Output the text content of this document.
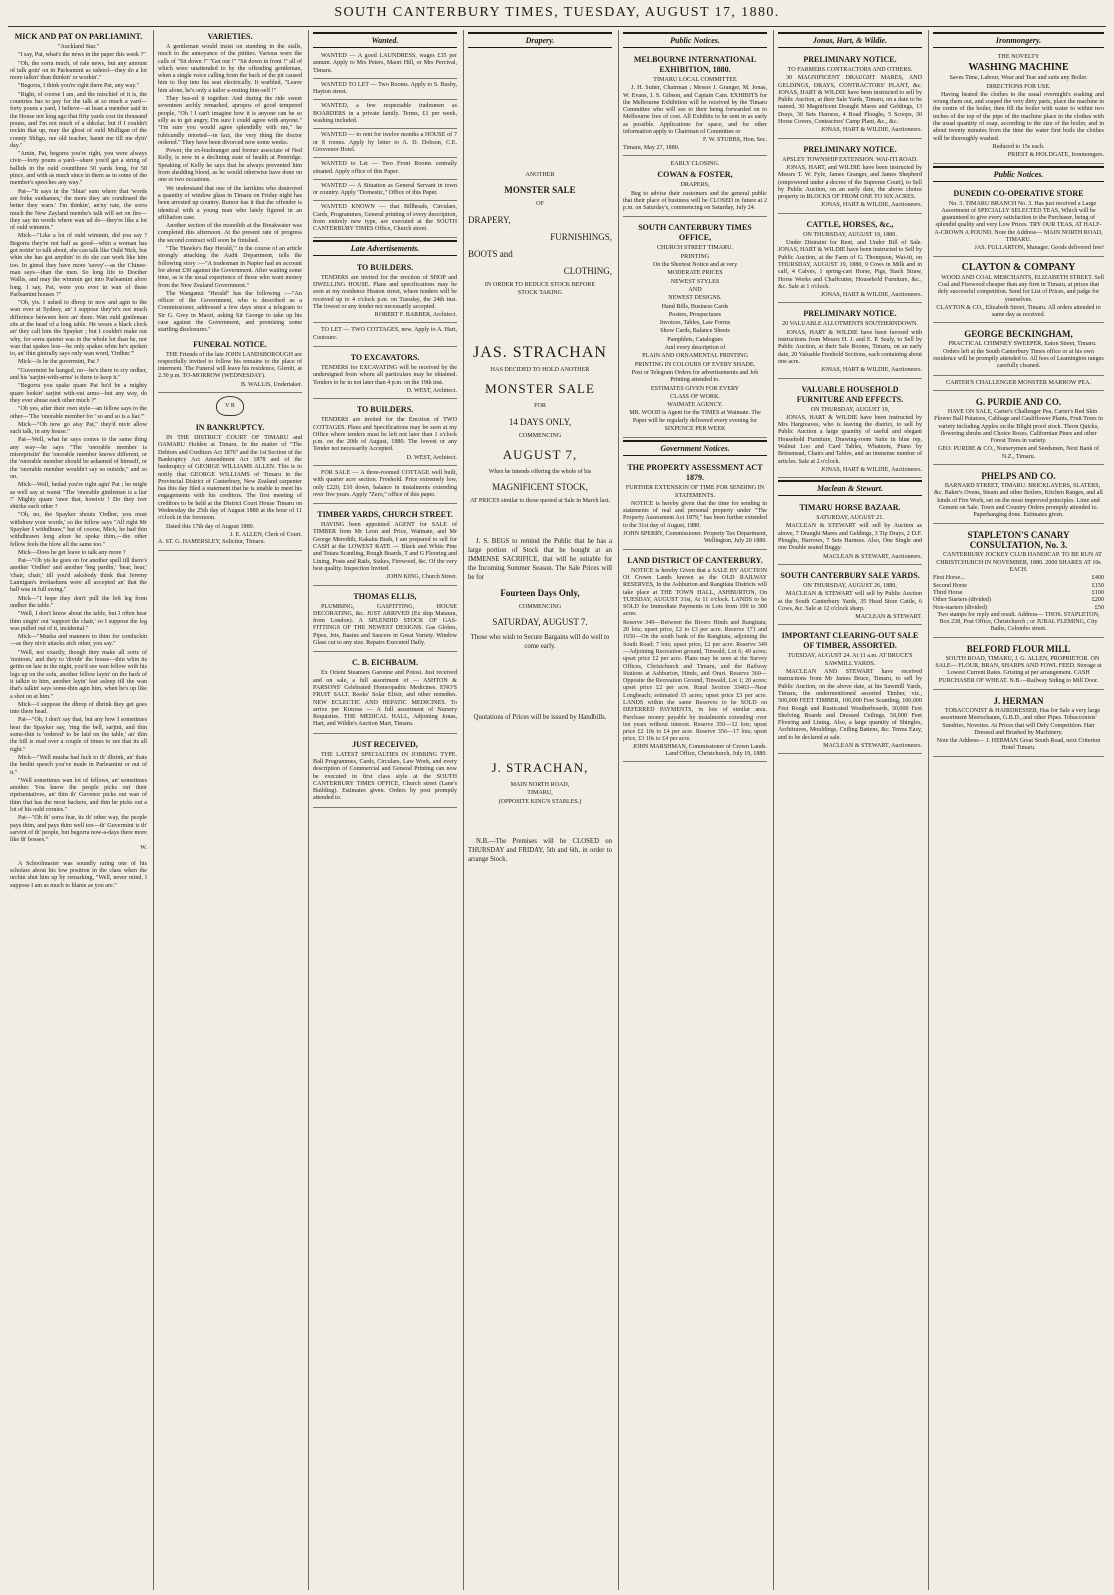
SOUTH CANTERBURY TIMES, TUESDAY, AUGUST 17, 1880.
MICK AND PAT ON PARLIAMINT.
"Auckland Star."
"I say, Pat, what's the news in the paper this week ?"
"Oh, the sorra much, of rale news, but any amount of talk goin' on in Parleamint as ushool—they do a lot more talkin' than thinkin' or workin'."
"Begorra, I think you're right there Pat, any way."
"Right, of coorse I am, and the mischief of it is, the countries has to pay for the talk at so much a yard—forty pouns a yard, I believe—at least a member said in the House not long ago that fifty yards cost tin thousand pouns, and I'm not much of a shkolar, but if I couldn't reckin that up, may the ghost of ould Mulligan of the county Shligo, me old teacher, haunt me till me dyin' day."
"Amin, Pat, begorra you're right, you were always civir—forty pouns a yard—shure you'd get a string of ballids in the ould countthree 50 yards long, for 50 pince, and with as much since in them as in some of the member's speeches any way."
Pat—"It says in the 'Shtar' sum where that 'words are foike sunbames,' the more they are condinsed the better they warn.' I'm thinkin', an'ny rate, the sorra much the New Zayland membe's talk will set on fire—they say tin words where wan ud do—they're like a lot of ould wimmin."
Mick—"Like a lot of ould wimmin, did you say ? Begorra they're not half as good—whin a woman has got notiin' to talk about, she can talk like Ould Nick, but whin she has got anythin' to do she can work like him too. In ginral they have more 'savey'—as the Chinee-man says—than the men. So long life to Docther Wallis, and may the wimmin get into Parleamint afore long. I say, Pat, were you ever in wan of these Parleamint houses ?"
"Oh, yis. I ushed to dhrop in now and agin to the wan over at Sydney, an' I suppose they're's not much differince between here an' there. Wan ould gintleman sits at the head of a long table. He wears a black clock an' they call him the Spayker ; but I couldn't make out why, for sorra quieter was in the whole lot than he, nor wan that spakes less—he only spakes whin he's spoken to, an' thin ginirally says only wan word, 'Ordher.'"
Mick—Is he the guvermint, Pat ?
"Guvermint be hanged, no—he's there to cry ordher, and his 'sarjint-with-arms' is there to keep it."
"Begorra you spake quare Pat he'd be a mighty quare lookin' sarjint with-out arms—but any way, do they ever abuse each other much ?"
"Oh yes, after their own style—an fellow says to the other—'The 'onorable member for ' so and so is a liar.'"
Mick—"Oh now go aisy Pat," they'd nivir allow such talk, in any house."
Pat—Well, what he says comes to the same thing any way—he says "The 'onorable member is misrepristin' the 'onorable member knows different, or the 'onorable member should be ashamed of himself, or the 'onorable member wouldn't say so outside," and so on.
Mick—Well, bedad you're right agin' Pat ; he might as well say at wanst "The 'onorable gintleman is a liar !" Mighty quare 'onor that, howivir ! Do they iver shtrike each other ?
"Oh, no, the Spayker shouts 'Ordher, you must withdraw your words,' so the fellow says "All right Mr Spayker I withdhraw," but of coorse, Mick, he had thin withdhrawn long afore he spoke thim,—the other fellow feels the blow all the same too."
Mick—Does he get leave to talk any more ?
Pat—"Oh yis he goes on for another spell till there's another 'Ordher' and another 'beg pardin,' 'hear, hear,' 'chair, chair,' till you'd asksbody think that Jeremy Lannigan's invitashuns were all accepted an' that the hall was in full swing."
Mick—"I hope they don't pull the left leg from undher the table."
"Well, I don't know about the table, but I often hear thim singin' out 'support the chair,' so I suppose the leg was pulled out of it, incidental."
Mick—"Musha and manners to thim for conduckin—as they nivir attacks aich other, you say."
"Well, not exactly, though they make all sorts of 'motions,' and they to 'divide' the house—thin whin its gettin on late in the night, you'd see wan fellow with his legs up on the sofa, another fellow layin' on the back of it talkin to him, another layin' fast asleep till the wan that's talkin' says some-thin agin him, when he's up like a shot on at him."
Mick—I suppose the dhrop of dhrink they get goes into there head.
Pat—"Oh, I don't say that, but any how I sometimes hear the Spayker say, 'ring the bell, sarjint, and thin some-thin is 'ordered' to be laid on the table,' an' thin the bill is read over a couple of times to see that its all right."
Mick—"Well musha bad luck to th' dhrink, an' thats the beshit speech you've made in Parleamint or out of it."
"Well sometimes wan lot of fellows, an' sometimes another. You know the people picks out their riprisentatives, an' thin th' Guvenor picks out wan of thim that has the most backers, and thin he picks out a lot of his ould cronies."
Pat—"Oh th' sorra fear, its th' other way, the people pays thim, and pays thim well too—th' Guvermint is th' sarvint of th' people, but begorra now-a-days there more like th' bosses."
W.
A Schoolmaster was soundly rating one of his scholars about his low position in the class when the urchin shut him up by remarking, "Well, never mind, I suppose I am as much to blame as you are."
VARIETIES.
A gentleman would insist on standing in the stalls, much to the annoyance of the pittites. Various were the calls of "Sit down !" "Get out !" "Sit down in front !" all of which were unattended to by the offending gentleman, when a single voice calling from the back of the pit caused him to flop into his seat electrically. It warbled, "Leave him alone, he's only a tailor a-resting him-self !"
They bus-ed it together. And during the ride sweet seventeen archly remarked, apropos of good tempered people, "Oh ! I can't imagine how it is anyone can be so silly as to get angry, I'm sure I could agree with anyone." "I'm sure you would agree splendidly with me," he rubicundly retorted—in fact, the very thing the doctor ordered." They have been divorced now some weeks.
Power, the ex-bushranger and former associate of Ned Kelly, is now in a declining state of health at Pentridge. Speaking of Kelly he says that he always prevented him from shedding blood, as he would otherwise have done on one or two occasions.
We understand that one of the larrikins who destroyed a quantity of window glass in Timaru on Friday night has been arrested up country. Rumor has it that the offender is identical with a young man who lately figured in an affiliation case.
Another section of the monolith at the Breakwater was completed this afternoon. At the present rate of progress the second contract will soon be finished.
"The 'Hawke's Bay Herald,'" in the course of an article strongly attacking the Audit Department, tells the following story :—"A tradesman in Napier had an account for about £30 against the Government. After waiting some time, as is the usual experience of those who want money from the New Zealand Government."
The Wanganui "Herald" has the following :—"An officer of the Government, who is described as a Commissioner, addressed a few days since a telegram to Sir G. Grey in Maori, asking Sir George to take up his case against the Government, and promising some startling disclosures."
FUNERAL NOTICE.
THE Friends of the late JOHN LANDSBOROUGH are respectfully invited to follow his remains to the place of interment. The Funeral will leave his residence, Gleniti, at 2.30 p.m. TO-MORROW (WEDNESDAY).
B. WALLIS, Undertaker.
V R
IN BANKRUPTCY.
IN THE DISTRICT COURT OF TIMARU and OAMARU Holden at Timaru. In the matter of "The Debtors and Creditors Act 1876" and the 1st Section of the Bankruptcy Act Amendment Act 1878 and of the bankruptcy of GEORGE WILLIAMS ALLEN. This is to notify that GEORGE WILLIAMS of Timaru in the Provincial District of Canterbury, New Zealand carpenter has this day filed a statement that he is unable to meet his engagements with his creditors. The first meeting of creditors to be held at the District Court House Timaru on Wednesday the 25th day of August 1880 at the hour of 11 o'clock in the forenoon.
Dated this 17th day of August 1880.
J. E. ALLEN, Clerk of Court.
A. ST. G. HAMERSLEY, Solicitor, Timaru.
Wanted.
WANTED — A good LAUNDRESS, wages £35 per annum. Apply to Mrs Peters, Maori Hill, or Mrs Percival, Timaru.
WANTED TO LET — Two Rooms. Apply to S. Busby, Hayton street.
WANTED, a few respectable tradesmen as BOARDERS in a private family. Terms, £1 per week, washing included.
WANTED — to rent for twelve months a HOUSE of 7 or 8 rooms. Apply by letter to A. D. Dobson, C.E. Grosvenor Hotel.
WANTED to Let — Two Front Rooms centrally situated. Apply office of this Paper.
WANTED — A Situation as General Servant in town or country. Apply "Domestic," Office of this Paper.
WANTED KNOWN — that Billheads, Circulars, Cards, Programmes, General printing of every description, from entirely new type, are executed at the SOUTH CANTERBURY TIMES Office, Church street.
Late Advertisements.
TO BUILDERS.
TENDERS are invited for the erection of SHOP and DWELLING HOUSE. Plans and specifications may be seen at my residence Heaton street, where tenders will be received up to 4 o'clock p.m. on Tuesday, the 24th inst. The lowest or any tender not necessarily accepted.
ROBERT F. BARBER, Architect.
TO LET — TWO COTTAGES, new. Apply to A. Hart, Coutoure.
TO EXCAVATORS.
TENDERS for EXCAVATING will be received by the undersigned from whom all particulars may be obtained. Tenders to be in not later than 4 p.m. on the 19th inst.
D. WEST, Architect.
TO BUILDERS.
TENDERS are invited for the Erection of TWO COTTAGES. Plans and Specifications may be seen at my Office where tenders must be left not later than 1 o'clock p.m. on the 20th of August, 1880. The lowest or any Tender not necessarily Accepted.
D. WEST, Architect.
FOR SALE — A three-roomed COTTAGE well built, with quarter acre section. Freehold. Price extremely low, only £220, £10 down, balance in instalments extending over five years. Apply "Zero," office of this paper.
TIMBER YARDS, CHURCH STREET.
HAVING been appointed AGENT for SALE of TIMBER from Mr Leon and Price, Waimate, and Mr George Meredith, Kakahu Bush, I am prepared to sell for CASH at the LOWEST RATE — Black and White Pine and Totara Scantling, Rough Boards, T and G Flooring and Lining, Posts and Rails, Stakes, Firewood, &c. Of the very best quality. Inspection Invited.
JOHN KING, Church Street.
THOMAS ELLIS,
PLUMBING, GASFITTING, HOUSE DECORATING, &c. JUST ARRIVED (Ex ship Mataura, from London). A SPLENDID STOCK OF GAS-FITTINGS OF THE NEWEST DESIGNS. Gas Globes, Pipes, Jets, Basins and Saucers in Great Variety. Window Glass cut to any size. Repairs Executed Daily.
C. B. EICHBAUM.
Ex Orient Steamers Garonne and Potosi. Just received and on sale, a full assortment of — ASHTON & PARSONS' Celebrated Homeopathic Medicines. ENO'S FRUIT SALT. Rooks' Solar Elixir, and other remedies. NEW ECLECTIC AND HEPATIC MEDICINES. To arrive per Kinross — A full assortment of Nursery Requisites. THE MEDICAL HALL, Adjoining Jonas, Hart, and Wildie's Auction Mart, Timaru.
JUST RECEIVED,
THE LATEST SPECIALTIES IN JOBBING TYPE. Ball Programmes, Cards, Circulars, Law Work, and every description of Commercial and General Printing can now be executed in first class style at the SOUTH CANTERBURY TIMES OFFICE, Church street (Lane's Building). Estimates given. Orders by post promptly attended to.
Drapery.
ANOTHER
MONSTER SALE
OF
DRAPERY,
FURNISHINGS,
BOOTS and
CLOTHING,
IN ORDER TO REDUCE STOCK BEFORE
STOCK TAKING
JAS. STRACHAN
HAS DECIDED TO HOLD ANOTHER
MONSTER SALE
FOR
14 DAYS ONLY,
COMMENCING
AUGUST 7,
When he intends offering the whole of his
MAGNIFICENT STOCK,
AT PRICES similar to those quoted at Sale in March last.
J. S. BEGS to remind the Public that he has a large portion of Stock that he bought at an IMMENSE SACRIFICE, that will be suitable for the Incoming Summer Season. The Sale Prices will be for
Fourteen Days Only,
COMMENCING
SATURDAY, AUGUST 7.
Those who wish to Secure Bargains will do well to come early.
Quotations of Prices will be issued by Handbills.
J. STRACHAN,
MAIN NORTH ROAD,
TIMARU,
(OPPOSITE KING'S STABLES.)
N.B.—The Premises will be CLOSED on THURSDAY and FRIDAY, 5th and 6th, in order to arrange Stock.
Public Notices.
MELBOURNE INTERNATIONAL EXHIBITION, 1880.
TIMARU LOCAL COMMITTEE
J. H. Sutter, Chairman ; Messrs J. Granger, M. Jonas, W. Evans, J. S. Gibson, and Captain Cain. EXHIBITS for the Melbourne Exhibition will be received by the Timaru Committee who will see to their being forwarded on to Melbourne free of cost. All Exhibits to be sent in as early as possible. Applications for space, and for other information apply to Chairman of Committee or
F. W. STUBBS, Hon. Sec.
Timaru, May 27, 1880.
EARLY CLOSING.
COWAN & FOSTER,
DRAPERS,
Beg to advise their customers and the general public that their place of business will be CLOSED in future at 2 p.m. on Saturday's, commencing on Saturday, July 24.
SOUTH CANTERBURY TIMES OFFICE,
CHURCH STREET TIMARU.
PRINTING
On the Shortest Notice and at very
MODERATE PRICES
NEWEST STYLES
AND
NEWEST DESIGNS.
Hand Bills, Business Cards
Posters, Prospectuses
Invoices, Tables, Law Forms
Show Cards, Balance Sheets
Pamphlets, Catalogues
And every description of
PLAIN AND ORNAMENTAL PRINTING
PRINTING IN COLOURS OF EVERY SHADE.
Post or Telegram Orders for advertisements and Job Printing attended to.
ESTIMATES GIVEN FOR EVERY
CLASS OF WORK.
WAIMATE AGENCY.
MR. WOOD is Agent for the TIMES at Waimate. The Paper will be regularly delivered every evening for
SIXPENCE PER WEEK
Government Notices.
THE PROPERTY ASSESSMENT ACT 1879.
FURTHER EXTENSION OF TIME FOR SENDING IN STATEMENTS.
NOTICE is hereby given that the time for sending in statements of real and personal property under "The Property Assessment Act 1879," has been further extended to the 31st day of August, 1880.
JOHN SPERRY, Commissioner. Property Tax Department, Wellington, July 20 1880.
LAND DISTRICT OF CANTERBURY.
NOTICE is hereby Given that a SALE BY AUCTION Of Crown Lands known as the OLD RAILWAY RESERVES, In the Ashburton and Rangitata Districts will take place at THE TOWN HALL, ASHBURTON, On TUESDAY, AUGUST 31st, At 11 o'clock. LANDS to be SOLD for Immediate Payments in Lots from 100 to 300 acres.
Reserve 349—Between the Rivers Hinds and Rangitata; 20 lots; upset price, £2 to £3 per acre. Reserve 171 and 1650—On the south bank of the Rangitata, adjoining the South Road; 7 lots; upset price, £2 per acre. Reserve 349—Adjoining Recreation ground, Tinwald, Lot 6; 49 acres; upset price £2 per acre. Plans may be seen at the Survey Offices, Christchurch and Timaru, and the Railway Stations at Ashburton, Hinds, and Orari. Reserve 360—Opposite the Recreation Ground, Tinwald, Lot 1; 20 acres; upset price £2 per acre. Rural Section 33463—Near Longbeach; estimated 15 acres; upset price £3 per acre. LANDS within the same Reserves to be SOLD on DEFERRED PAYMENTS, in lots of similar area. Purchase money payable by instalments extending over ten years without interest. Reserve 350—12 lots; upset price £2 10s to £4 per acre. Reserve 356—17 lots; upset price, £3 10s to £4 per acre.
JOHN MARSHMAN, Commissioner of Crown Lands. Land Office, Christchurch, July 19, 1880.
Jonas, Hart, & Wildie.
PRELIMINARY NOTICE.
TO FARMERS CONTRACTORS AND OTHERS.
30 MAGNIFICENT DRAUGHT MARES, AND GELDINGS, DRAYS, CONTRACTORS' PLANT, &c. JONAS, HART & WILDIE have been instructed to sell by Public Auction, at their Sale Yards, Timaru, on a date to be named, 30 Magnificent Draught Mares and Geldings, 13 Drays, 30 Sets Harness, 4 Road Ploughs, 5 Scoops, 30 Horse Covers, Contractors' Camp Plant, &c., &c.
JONAS, HART & WILDIE, Auctioneers.
PRELIMINARY NOTICE.
APSLEY TOWNSHIP EXTENSION. WAI-ITI ROAD.
JONAS, HART, and WILDIE have been instructed by Messrs T. W. Fyfe, James Granger, and James Shepherd (empowered under a decree of the Supreme Court), to Sell by Public Auction, on an early date, the above choice property in BLOCKS OF FROM ONE TO SIX ACRES.
JONAS, HART & WILDIE, Auctioneers.
CATTLE, HORSES, &c.,
ON THURSDAY, AUGUST 19, 1880.
Under Distraint for Rent, and Under Bill of Sale. JONAS, HART & WILDIE have been instructed to Sell by Public Auction, at the Farm of G. Thompson, Wai-iti, on THURSDAY, AUGUST 19, 1880, 9 Cows in Milk and in calf, 4 Calves, 1 spring-cart Horse, Pigs, Stack Straw, Horse Works and Chaffcutter, Household Furniture, &c., &c. Sale at 1 o'clock.
JONAS, HART & WILDIE, Auctioneers.
PRELIMINARY NOTICE.
20 VALUABLE ALLOTMENTS SOUTHERNDOWN.
JONAS, HART & WILDIE have been favored with instructions from Messrs H. J. and E. P. Sealy, to Sell by Public Auction, at their Sale Rooms, Timaru, on an early date, 20 Valuable Freehold Sections, each containing about one acre.
JONAS, HART & WILDIE, Auctioneers.
VALUABLE HOUSEHOLD FURNITURE AND EFFECTS.
ON THURSDAY, AUGUST 19,
JONAS, HART & WILDIE have been instructed by Mrs Hargreaves, who is leaving the district, to sell by Public Auction a large quantity of useful and elegant Household Furniture, Drawing-room Suite in blue rep, Walnut Loo and Card Tables, Whatnots, Piano by Brinsmead, Chairs and Tables, and an immense number of articles. Sale at 2 o'clock.
JONAS, HART & WILDIE, Auctioneers.
Maclean & Stewart.
TIMARU HORSE BAZAAR.
SATURDAY, AUGUST 21.
MACLEAN & STEWART will sell by Auction as above, 7 Draught Mares and Geldings, 3 Tip Drays, 2 D.F. Ploughs, Harrows, 7 Sets Harness. Also, One Single and one Double seated Buggy.
MACLEAN & STEWART, Auctioneers.
SOUTH CANTERBURY SALE YARDS.
ON THURSDAY, AUGUST 26, 1880,
MACLEAN & STEWART will sell by Public Auction at the South Canterbury Yards, 35 Head Store Cattle, 6 Cows, &c. Sale at 12 o'clock sharp.
MACLEAN & STEWART.
IMPORTANT CLEARING-OUT SALE OF TIMBER, ASSORTED.
TUESDAY, AUGUST 24. At 11 a.m. AT BRUCE'S SAWMILL YARDS.
MACLEAN AND STEWART have received instructions from Mr James Bruce, Timaru, to sell by Public Auction, on the above date, at his Sawmill Yards, Timaru, the undermentioned assorted Timber, viz., 500,000 FEET TIMBER, 100,000 Feet Scantling, 100,000 Feet Rough and Rusticated Weatherboards, 30,000 Feet Shelving Boards and Dressed Ceilings, 50,000 Feet Flooring and Lining. Also, a large quantity of Shingles, Architraves, Mouldings, Ceiling Battens, &c. Terms Easy, and to be declared at sale.
MACLEAN & STEWART, Auctioneers.
Ironmongery.
THE NOVELTY
WASHING MACHINE
Saves Time, Labour, Wear and Tear and suits any Boiler.
DIRECTIONS FOR USE.
Having heated the clothes to the usual overnight's soaking and wrung them out, and soaped the very dirty parts, place the machine in the centre of the boiler, then fill the boiler with water to within two inches of the top of the pipe of the machine place in the clothes with the usual quantity of soap, according to the size of the boiler, and in about twenty minutes from the time the water first boils the clothes will be thoroughly washed.
Reduced to 15s each.
PRIEST & HOLDGATE, Ironmongers.
Public Notices.
DUNEDIN CO-OPERATIVE STORE
No. 3. TIMARU BRANCH No. 3. Has just received a Large Assortment of SPECIALLY SELECTED TEAS, Which will be guaranteed to give every satisfaction to the Purchaser, being of splendid quality and very Low Prices. TRY OUR TEAS, AT HALF-A-CROWN A POUND. Note the Address— MAIN NORTH ROAD, TIMARU.
JAS. FULLARTON, Manager. Goods delivered free!
CLAYTON & COMPANY
WOOD AND COAL MERCHANTS, ELIZABETH STREET. Sell Coal and Firewood cheaper than any firm in Timaru, at prices that defy successful competition. Send for List of Prices, and judge for yourselves.
CLAYTON & CO., Elizabeth Street, Timaru. All orders attended to same day as received.
GEORGE BECKINGHAM,
PRACTICAL CHIMNEY SWEEPER, Eaton Street, Timaru. Orders left at the South Canterbury Times office or at his own residence will be promptly attended to. All fees of Leamington ranges carefully cleaned.
CARTER'S CHALLENGER MONSTER MARROW PEA.
G. PURDIE AND CO.
HAVE ON SALE, Carter's Challenger Pea, Carter's Red Skin Flower Ball Potatoes, Cabbage and Cauliflower Plants, Fruit Trees in variety including Apples on the Blight proof stock. Thorn Quicks, flowering shrubs and Choice Roses. Californian Pines and other Forest Trees in variety.
GEO. PURDIE & CO., Nurserymen and Seedsmen, Next Bank of N.Z., Timaru.
PHELPS AND CO.
BARNARD STREET, TIMARU. BRICKLAYERS, SLATERS, &c. Baker's Ovens, Steam and other Boilers, Kitchen Ranges, and all kinds of Fire Work, set on the most improved principles. Lime and Cement on Sale. Town and Country Orders promptly attended to. Paperhanging done. Estimates given.
STAPLETON'S CANARY CONSULTATION, No. 3.
CANTERBURY JOCKEY CLUB HANDICAP. TO BE RUN AT CHRISTCHURCH IN NOVEMBER, 1880. 2000 SHARES AT 10s EACH.
First Horse...	£400
Second Horse	£150
Third Horse	£100
Other Starters (divided)	£200
Non-starters (divided)	£50
Two stamps for reply and result. Address— THOS. STAPLETON, Box 238, Post Office, Christchurch ; or JUBAL FLEMING, City Baths, Colombo street.
BELFORD FLOUR MILL
SOUTH ROAD, TIMARU, J. G. ALLEN, PROPRIETOR. ON SALE— FLOUR, BRAN, SHARPS AND FOWL FEED. Storage at Lowest Current Rates. Gristing at per arrangement. CASH PURCHASER OF WHEAT. N.B.—Railway Siding to Mill Door.
J. HERMAN
TOBACCONIST & HAIRDRESSER, Has for Sale a very large assortment Meerschaum, G.B.D., and other Pipes. Tobacconists' Sundries, Noveties. At Prices that will Defy Competition. Hair Dressed and Brushed by Machinery.
Note the Address— J. HERMAN Great South Road, next Criterion Hotel Timaru.
